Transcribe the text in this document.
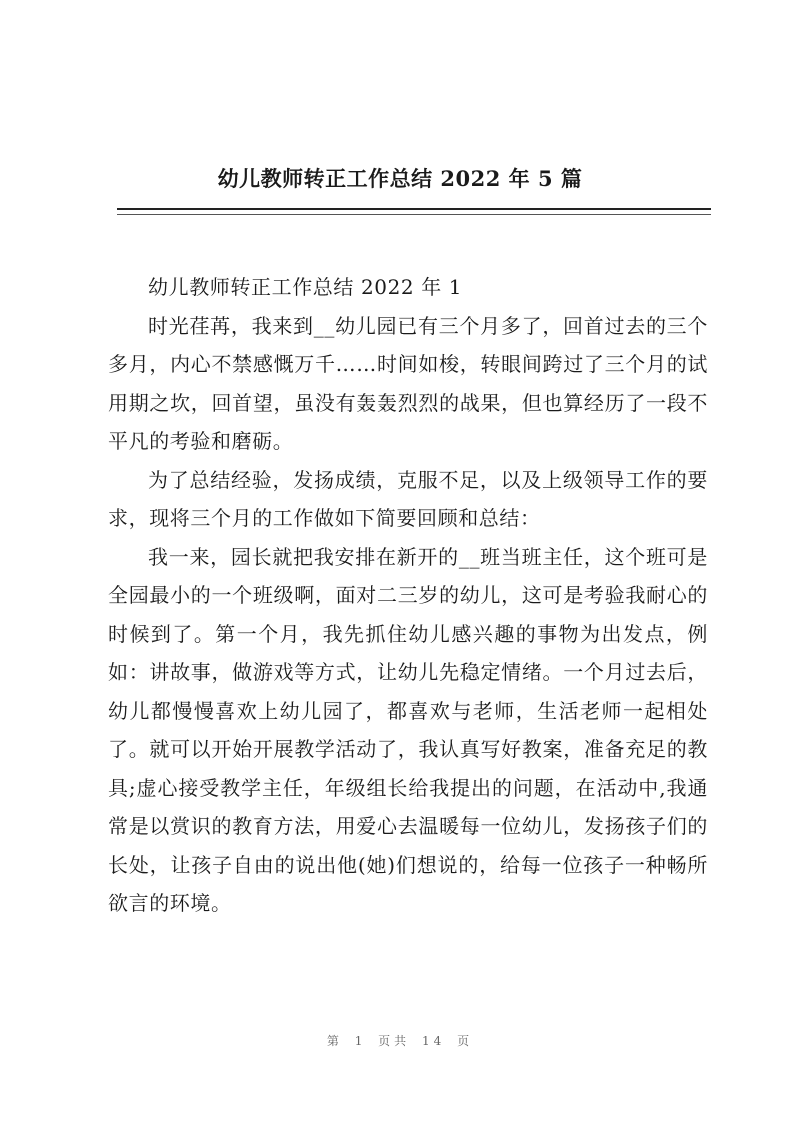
幼儿教师转正工作总结 2022 年 5 篇

幼儿教师转正工作总结 2022 年 1

时光荏苒，我来到__幼儿园已有三个月多了，回首过去的三个多月，内心不禁感慨万千……时间如梭，转眼间跨过了三个月的试用期之坎，回首望，虽没有轰轰烈烈的战果，但也算经历了一段不平凡的考验和磨砺。

为了总结经验，发扬成绩，克服不足，以及上级领导工作的要求，现将三个月的工作做如下简要回顾和总结：

我一来，园长就把我安排在新开的__班当班主任，这个班可是全园最小的一个班级啊，面对二三岁的幼儿，这可是考验我耐心的时候到了。第一个月，我先抓住幼儿感兴趣的事物为出发点，例如：讲故事，做游戏等方式，让幼儿先稳定情绪。一个月过去后，幼儿都慢慢喜欢上幼儿园了，都喜欢与老师，生活老师一起相处了。就可以开始开展教学活动了，我认真写好教案，准备充足的教具;虚心接受教学主任，年级组长给我提出的问题，在活动中,我通常是以赏识的教育方法，用爱心去温暖每一位幼儿，发扬孩子们的长处，让孩子自由的说出他(她)们想说的，给每一位孩子一种畅所欲言的环境。

第 1 页共 14 页
